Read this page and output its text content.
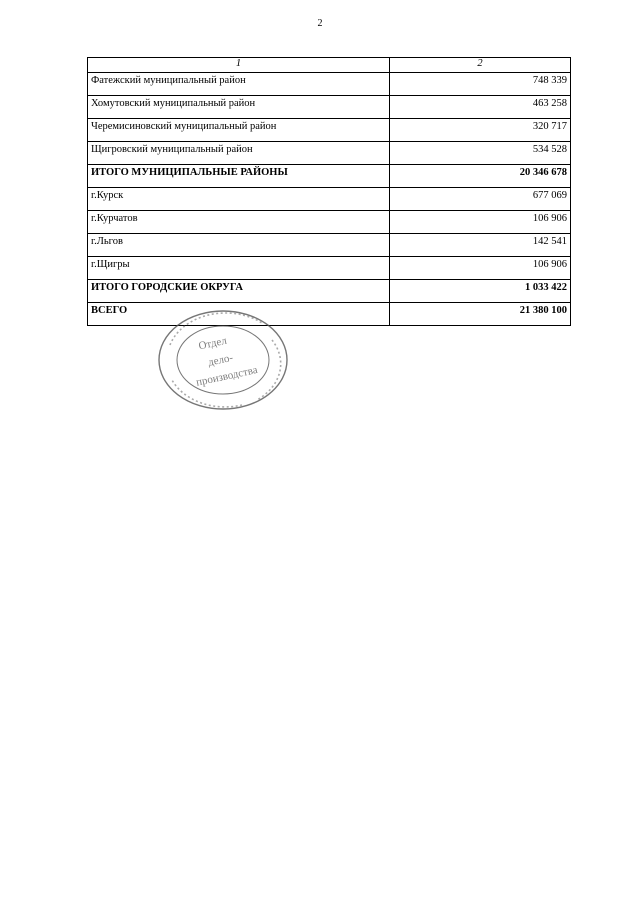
2
1	2
Фатежский муниципальный район	748 339
Хомутовский муниципальный район	463 258
Черемисиновский муниципальный район	320 717
Щигровский муниципальный район	534 528
ИТОГО МУНИЦИПАЛЬНЫЕ РАЙОНЫ	20 346 678
г.Курск	677 069
г.Курчатов	106 906
г.Льгов	142 541
г.Щигры	106 906
ИТОГО ГОРОДСКИЕ ОКРУГА	1 033 422
ВСЕГО	21 380 100
Отдел
дело-
производства
